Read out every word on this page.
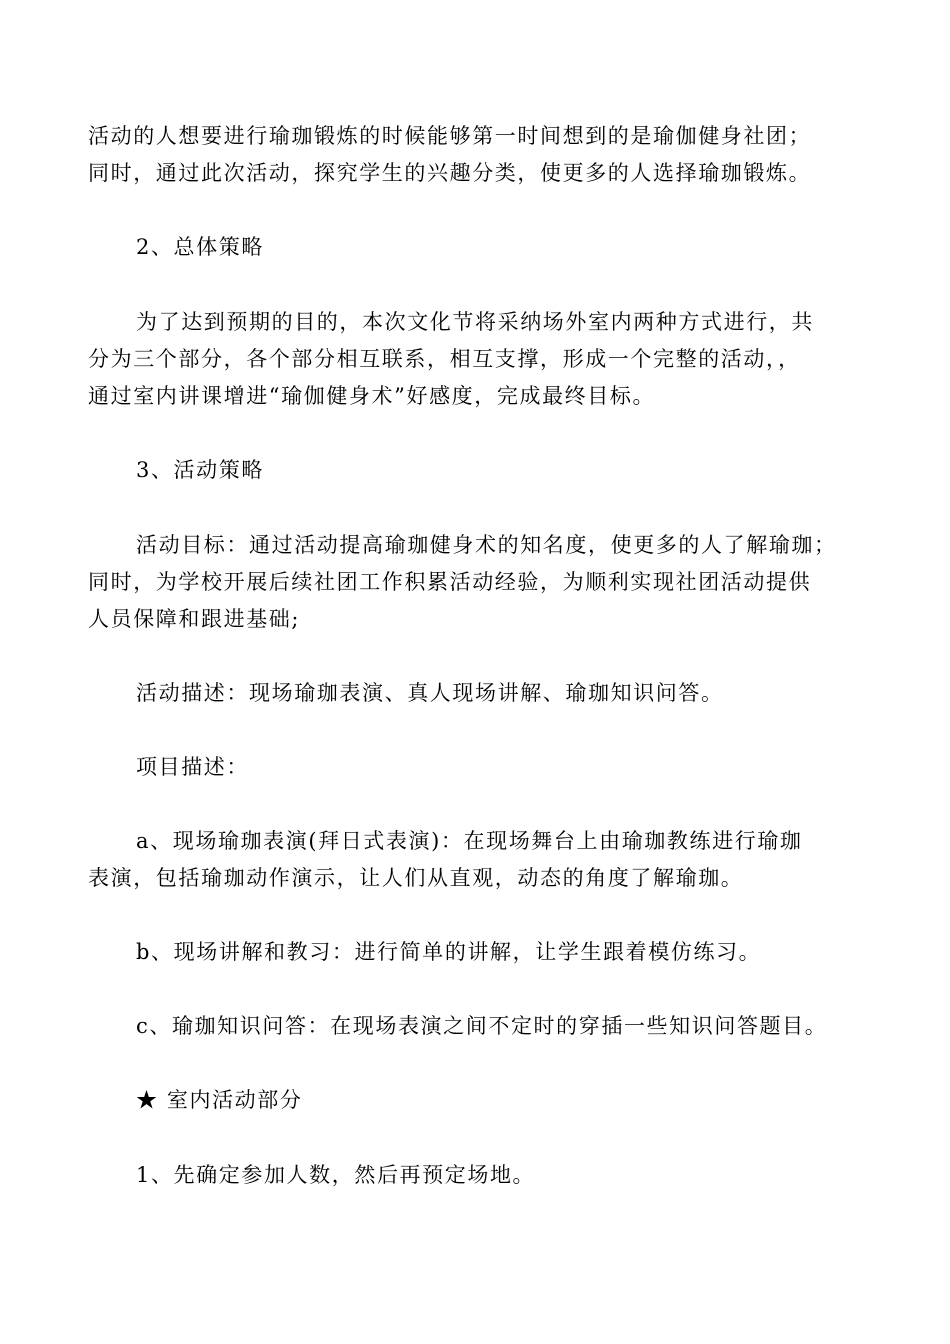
活动的人想要进行瑜珈锻炼的时候能够第一时间想到的是瑜伽健身社团；
同时，通过此次活动，探究学生的兴趣分类，使更多的人选择瑜珈锻炼。

2、总体策略

为了达到预期的目的，本次文化节将采纳场外室内两种方式进行，共
分为三个部分，各个部分相互联系，相互支撑，形成一个完整的活动，，
通过室内讲课增进“瑜伽健身术”好感度，完成最终目标。

3、活动策略

活动目标：通过活动提高瑜珈健身术的知名度，使更多的人了解瑜珈；
同时，为学校开展后续社团工作积累活动经验，为顺利实现社团活动提供
人员保障和跟进基础;

活动描述：现场瑜珈表演、真人现场讲解、瑜珈知识问答。

项目描述：

a、现场瑜珈表演(拜日式表演)：在现场舞台上由瑜珈教练进行瑜珈
表演，包括瑜珈动作演示，让人们从直观，动态的角度了解瑜珈。

b、现场讲解和教习：进行简单的讲解，让学生跟着模仿练习。

c、瑜珈知识问答：在现场表演之间不定时的穿插一些知识问答题目。

★ 室内活动部分

1、先确定参加人数，然后再预定场地。
